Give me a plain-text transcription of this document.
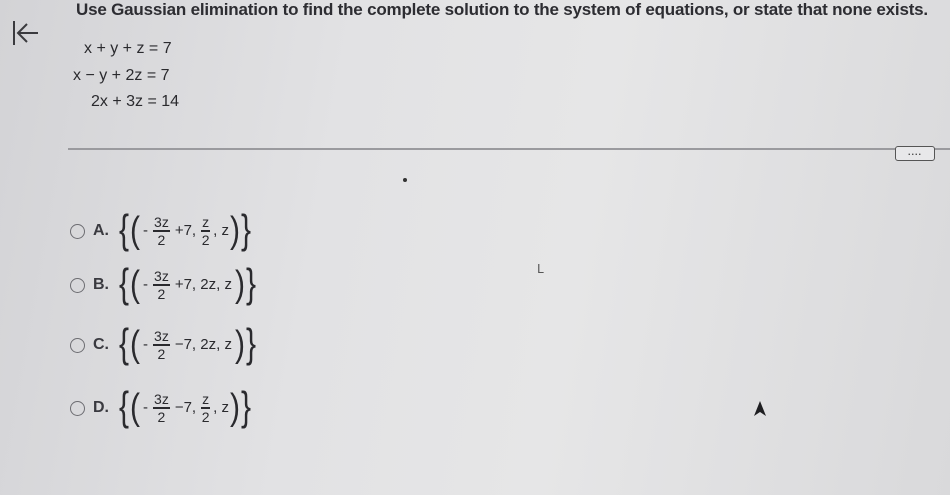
Use Gaussian elimination to find the complete solution to the system of equations, or state that none exists.
x + y + z = 7
x − y + 2z = 7
2x + 3z = 14
....
A. { ( - $\frac{3z}{2} +7$, $\frac{z}{2}$ , z ) }
B. { ( - $\frac{3z}{2} +7$, 2z, z ) }
C. { ( - $\frac{3z}{2} -7$, 2z, z ) }
D. { ( - $\frac{3z}{2} -7$, $\frac{z}{2}$ , z ) }
ᒪ
